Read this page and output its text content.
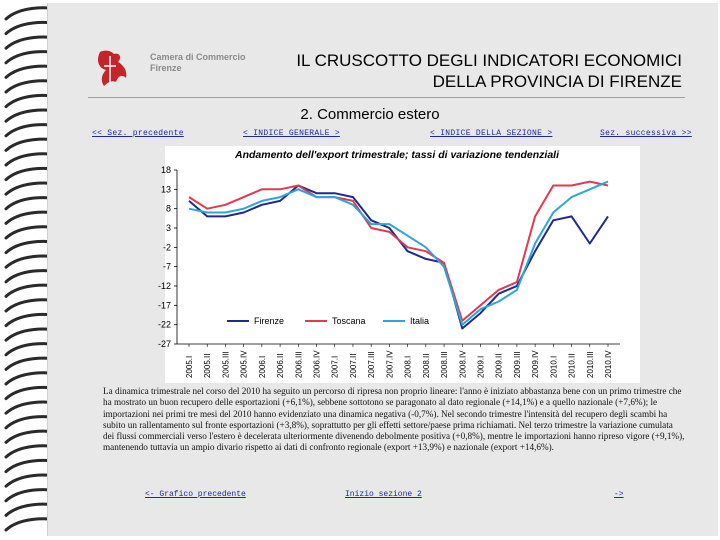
Camera di Commercio
Firenze	IL CRUSCOTTO DEGLI INDICATORI ECONOMICI
DELLA PROVINCIA DI FIRENZE
2. Commercio estero
<< Sez. precedente	< INDICE GENERALE >	< INDICE DELLA SEZIONE >	Sez. successiva >>
Andamento dell'export trimestrale; tassi di variazione tendenziali
18
13
8
3
-2
-7
-12
-17
-22
-27
2005.I 2005.II 2005.III 2005.IV 2006.I 2006.II 2006.III 2006.IV 2007.I 2007.II 2007.III 2007.IV 2008.I 2008.II 2008.III 2008.IV 2009.I 2009.II 2009.III 2009.IV 2010.I 2010.II 2010.III 2010.IV
Firenze	Toscana	Italia
La dinamica trimestrale nel corso del 2010 ha seguito un percorso di ripresa non proprio lineare: l'anno è iniziato abbastanza bene con un primo trimestre che ha mostrato un buon recupero delle esportazioni (+6,1%), sebbene sottotono se paragonato al dato regionale (+14,1%) e a quello nazionale (+7,6%); le importazioni nei primi tre mesi del 2010 hanno evidenziato una dinamica negativa (-0,7%). Nel secondo trimestre l'intensità del recupero degli scambi ha subito un rallentamento sul fronte esportazioni (+3,8%), soprattutto per gli effetti settore/paese prima richiamati. Nel terzo trimestre la variazione cumulata dei flussi commerciali verso l'estero è decelerata ulteriormente divenendo debolmente positiva (+0,8%), mentre le importazioni hanno ripreso vigore (+9,1%), mantenendo tuttavia un ampio divario rispetto ai dati di confronto regionale (export +13,9%) e nazionale (export +14,6%).
<- Grafico precedente	Inizio sezione 2	->
